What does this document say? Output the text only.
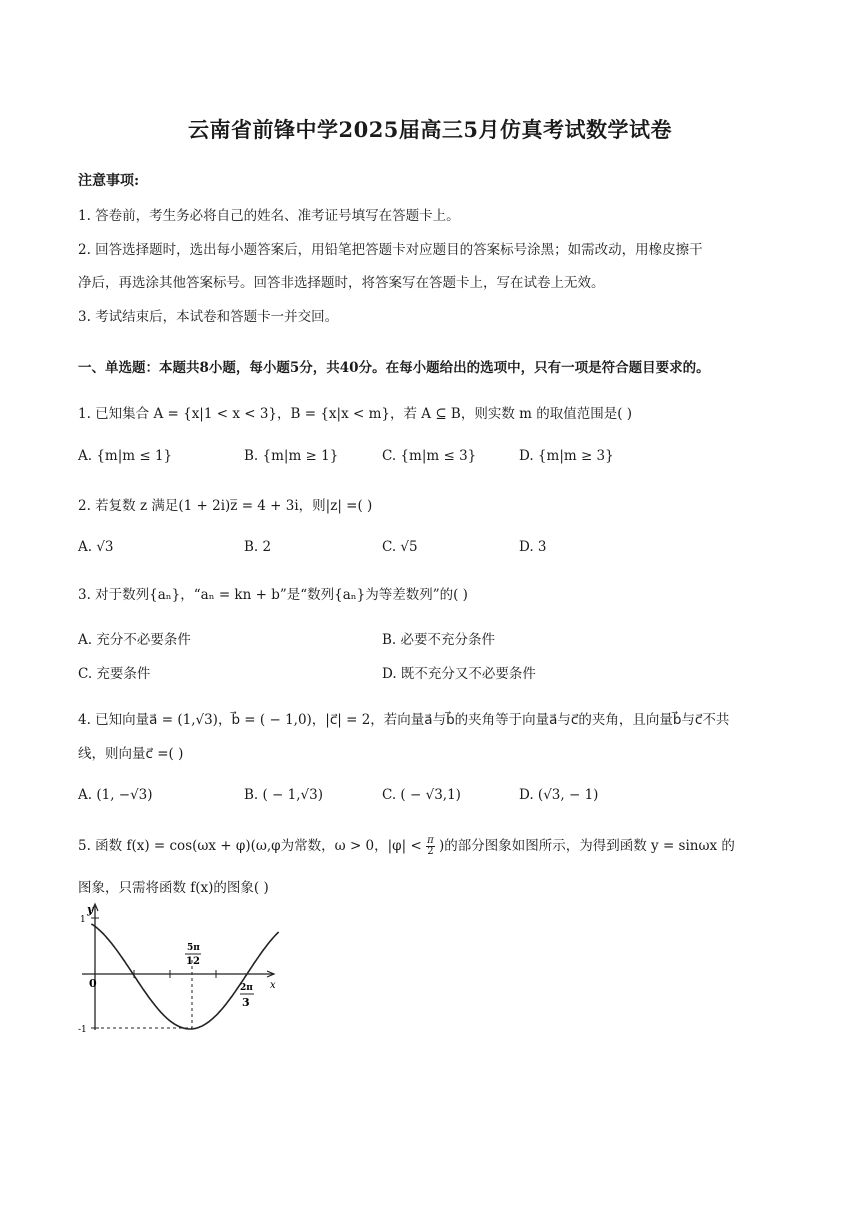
云南省前锋中学2025届高三5月仿真考试数学试卷
注意事项:
1. 答卷前，考生务必将自己的姓名、准考证号填写在答题卡上。
2. 回答选择题时，选出每小题答案后，用铅笔把答题卡对应题目的答案标号涂黑；如需改动，用橡皮擦干
净后，再选涂其他答案标号。回答非选择题时，将答案写在答题卡上，写在试卷上无效。
3. 考试结束后，本试卷和答题卡一并交回。
一、单选题：本题共8小题，每小题5分，共40分。在每小题给出的选项中，只有一项是符合题目要求的。
1. 已知集合 A = {x|1 < x < 3}，B = {x|x < m}，若 A ⊆ B，则实数 m 的取值范围是( )
A. {m|m ≤ 1}	B. {m|m ≥ 1}	C. {m|m ≤ 3}	D. {m|m ≥ 3}
2. 若复数 z 满足(1 + 2i)z̅ = 4 + 3i，则|z| =( )
A. √3	B. 2	C. √5	D. 3
3. 对于数列{aₙ}，“aₙ = kn + b”是“数列{aₙ}为等差数列”的( )
A. 充分不必要条件	B. 必要不充分条件
C. 充要条件	D. 既不充分又不必要条件
4. 已知向量a⃗ = (1,√3)，b⃗ = ( − 1,0)，|c⃗| = 2，若向量a⃗与b⃗的夹角等于向量a⃗与c⃗的夹角，且向量b⃗与c⃗不共
线，则向量c⃗ =( )
A. (1, −√3)	B. ( − 1,√3)	C. ( − √3,1)	D. (√3, − 1)
5. 函数 f(x) = cos(ωx + φ)(ω,φ为常数，ω > 0，$|\varphi| < \frac{\pi}{2}$ )的部分图象如图所示，为得到函数 y = sinωx 的
图象，只需将函数 f(x)的图象( )
y
x
0
1
-1
5π
12
2π
3
